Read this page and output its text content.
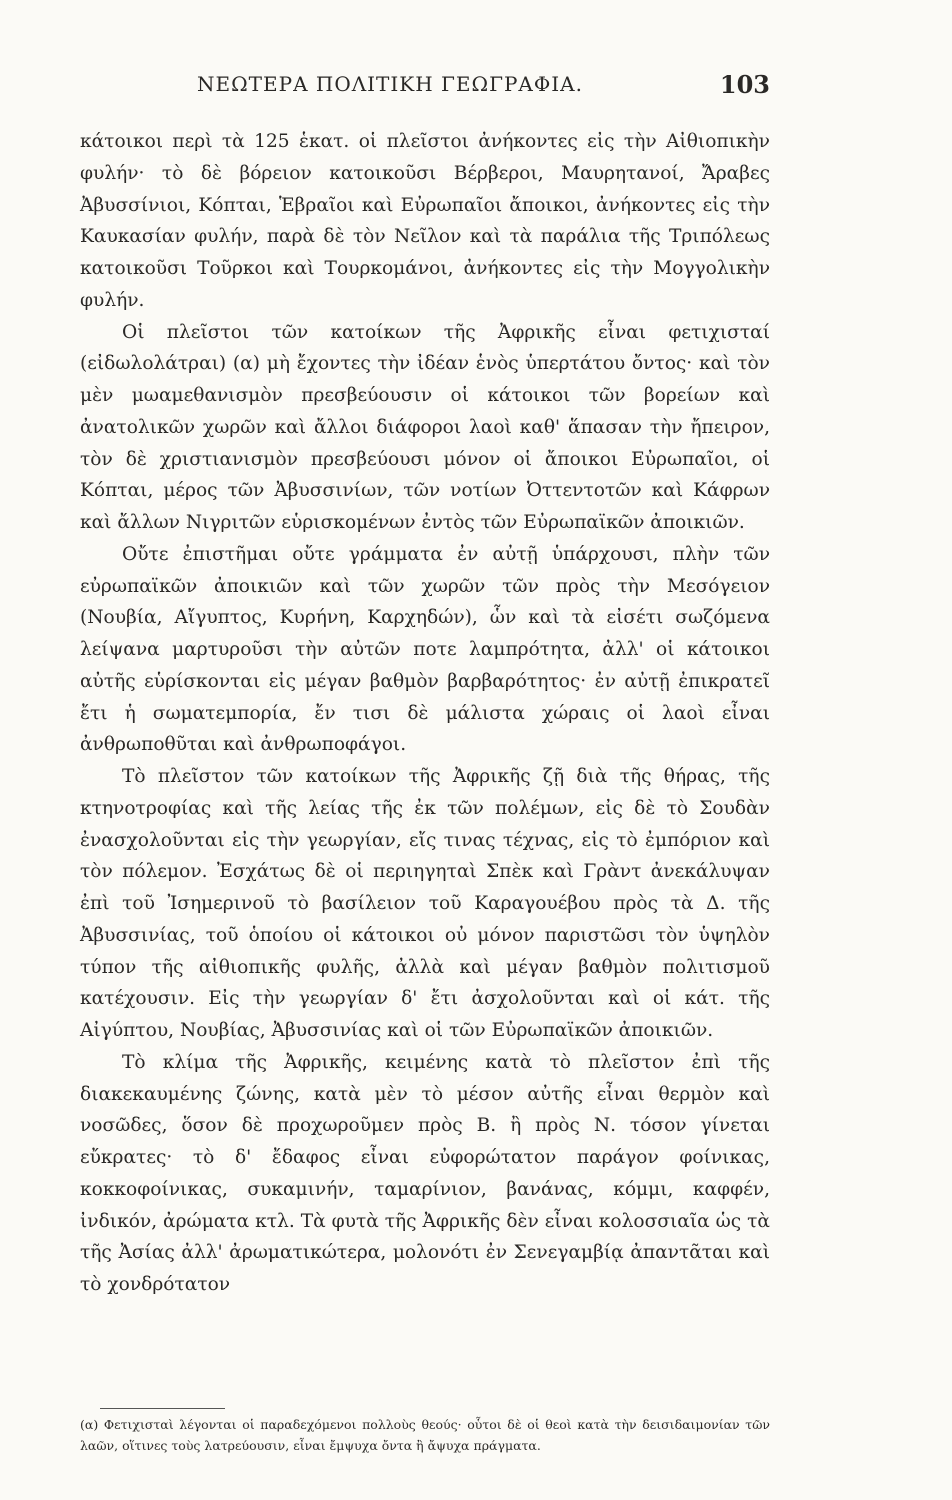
ΝΕΩΤΕΡΑ ΠΟΛΙΤΙΚΗ ΓΕΩΓΡΑΦΙΑ.	103

κάτοικοι περὶ τὰ 125 ἑκατ. οἱ πλεῖστοι ἀνήκοντες εἰς τὴν Αἰθιοπικὴν φυλήν· τὸ δὲ βόρειον κατοικοῦσι Βέρβεροι, Μαυρητανοί, Ἄραβες Ἀβυσσίνιοι, Κόπται, Ἑβραῖοι καὶ Εὐρωπαῖοι ἄποικοι, ἀνήκοντες εἰς τὴν Καυκασίαν φυλήν, παρὰ δὲ τὸν Νεῖλον καὶ τὰ παράλια τῆς Τριπόλεως κατοικοῦσι Τοῦρκοι καὶ Τουρκομάνοι, ἀνήκοντες εἰς τὴν Μογγολικὴν φυλήν.

Οἱ πλεῖστοι τῶν κατοίκων τῆς Ἀφρικῆς εἶναι φετιχισταί (εἰδωλολάτραι) (α) μὴ ἔχοντες τὴν ἰδέαν ἑνὸς ὑπερτάτου ὄντος· καὶ τὸν μὲν μωαμεθανισμὸν πρεσβεύουσιν οἱ κάτοικοι τῶν βορείων καὶ ἀνατολικῶν χωρῶν καὶ ἄλλοι διάφοροι λαοὶ καθ' ἅπασαν τὴν ἤπειρον, τὸν δὲ χριστιανισμὸν πρεσβεύουσι μόνον οἱ ἄποικοι Εὐρωπαῖοι, οἱ Κόπται, μέρος τῶν Ἀβυσσινίων, τῶν νοτίων Ὀττεντοτῶν καὶ Κάφρων καὶ ἄλλων Νιγριτῶν εὑρισκομένων ἐντὸς τῶν Εὐρωπαϊκῶν ἀποικιῶν.

Οὔτε ἐπιστῆμαι οὔτε γράμματα ἐν αὐτῇ ὑπάρχουσι, πλὴν τῶν εὐρωπαϊκῶν ἀποικιῶν καὶ τῶν χωρῶν τῶν πρὸς τὴν Μεσόγειον (Νουβία, Αἴγυπτος, Κυρήνη, Καρχηδών), ὧν καὶ τὰ εἰσέτι σωζόμενα λείψανα μαρτυροῦσι τὴν αὐτῶν ποτε λαμπρότητα, ἀλλ' οἱ κάτοικοι αὐτῆς εὑρίσκονται εἰς μέγαν βαθμὸν βαρβαρότητος· ἐν αὐτῇ ἐπικρατεῖ ἔτι ἡ σωματεμπορία, ἔν τισι δὲ μάλιστα χώραις οἱ λαοὶ εἶναι ἀνθρωποθῦται καὶ ἀνθρωποφάγοι.

Τὸ πλεῖστον τῶν κατοίκων τῆς Ἀφρικῆς ζῇ διὰ τῆς θήρας, τῆς κτηνοτροφίας καὶ τῆς λείας τῆς ἐκ τῶν πολέμων, εἰς δὲ τὸ Σουδὰν ἐνασχολοῦνται εἰς τὴν γεωργίαν, εἴς τινας τέχνας, εἰς τὸ ἐμπόριον καὶ τὸν πόλεμον. Ἐσχάτως δὲ οἱ περιηγηταὶ Σπὲκ καὶ Γρὰντ ἀνεκάλυψαν ἐπὶ τοῦ Ἰσημερινοῦ τὸ βασίλειον τοῦ Καραγουέβου πρὸς τὰ Δ. τῆς Ἀβυσσινίας, τοῦ ὁποίου οἱ κάτοικοι οὐ μόνον παριστῶσι τὸν ὑψηλὸν τύπον τῆς αἰθιοπικῆς φυλῆς, ἀλλὰ καὶ μέγαν βαθμὸν πολιτισμοῦ κατέχουσιν. Εἰς τὴν γεωργίαν δ' ἔτι ἀσχολοῦνται καὶ οἱ κάτ. τῆς Αἰγύπτου, Νουβίας, Ἀβυσσινίας καὶ οἱ τῶν Εὐρωπαϊκῶν ἀποικιῶν.

Τὸ κλίμα τῆς Ἀφρικῆς, κειμένης κατὰ τὸ πλεῖστον ἐπὶ τῆς διακεκαυμένης ζώνης, κατὰ μὲν τὸ μέσον αὐτῆς εἶναι θερμὸν καὶ νοσῶδες, ὅσον δὲ προχωροῦμεν πρὸς Β. ἢ πρὸς Ν. τόσον γίνεται εὔκρατες· τὸ δ' ἔδαφος εἶναι εὐφορώτατον παράγον φοίνικας, κοκκοφοίνικας, συκαμινήν, ταμαρίνιον, βανάνας, κόμμι, καφφέν, ἰνδικόν, ἀρώματα κτλ. Τὰ φυτὰ τῆς Ἀφρικῆς δὲν εἶναι κολοσσιαῖα ὡς τὰ τῆς Ἀσίας ἀλλ' ἀρωματικώτερα, μολονότι ἐν Σενεγαμβίᾳ ἀπαντᾶται καὶ τὸ χονδρότατον

(α) Φετιχισταὶ λέγονται οἱ παραδεχόμενοι πολλοὺς θεούς· οὗτοι δὲ οἱ θεοὶ κατὰ τὴν δεισιδαιμονίαν τῶν λαῶν, οἵτινες τοὺς λατρεύουσιν, εἶναι ἔμψυχα ὄντα ἢ ἄψυχα πράγματα.
